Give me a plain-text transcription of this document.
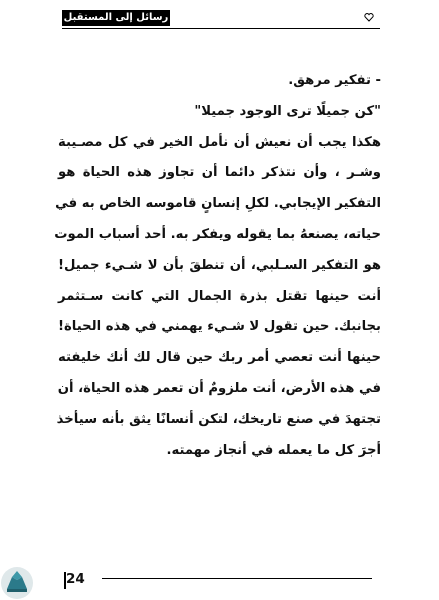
رسائل إلى المستقبل
- تفكير مرهق.
"كن جميلًا ترى الوجود جميلا"
هكذا يجب أن نعيش أن نأمل الخير في كل مصـيبة
وشـر ، وأن نتذكر دائما أن تجاوز هذه الحياة هو
التفكير الإيجابي. لكلِ إنسانٍ قاموسه الخاص به في
حياته، يصنعهُ بما يقوله ويفكر به. أحد أسباب الموت
هو التفكير السـلبي، أن تنطقَ بأن لا شـيء جميل!
أنت حينها تقتل بذرة الجمال التي كانت سـتثمر
بجانبك. حين تقول لا شـيء يهمني في هذه الحياة!
حينها أنت تعصي أمر ربك حين قال لك أنك خليفته
في هذه الأرض، أنت ملزومٌ أن تعمر هذه الحياة، أن
تجتهدَ في صنع تاريخك، لتكن أنسانًا يثق بأنه سيأخذ
أجرَ كل ما يعمله في أنجاز مهمته.
24
